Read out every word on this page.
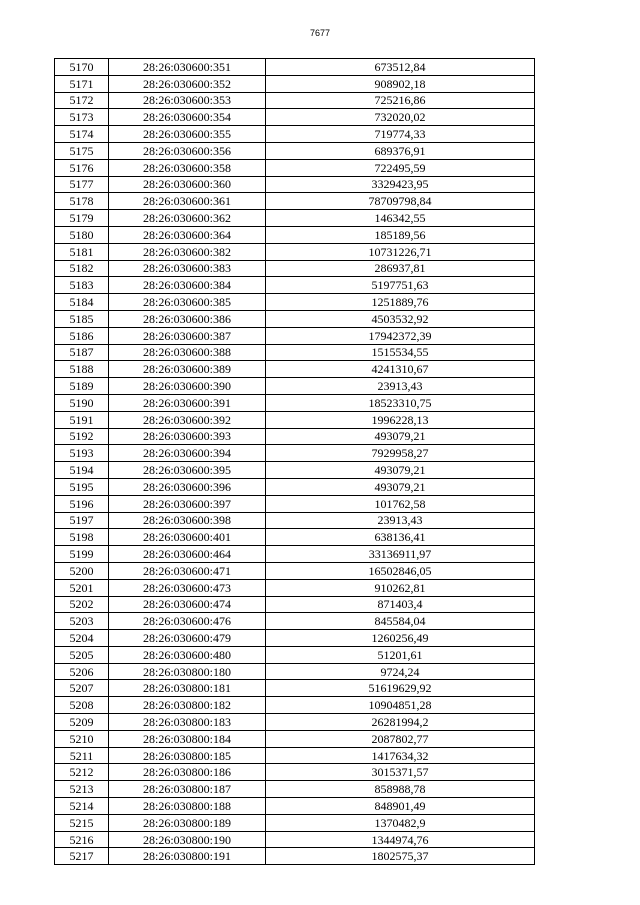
7677
5170	28:26:030600:351	673512,84
5171	28:26:030600:352	908902,18
5172	28:26:030600:353	725216,86
5173	28:26:030600:354	732020,02
5174	28:26:030600:355	719774,33
5175	28:26:030600:356	689376,91
5176	28:26:030600:358	722495,59
5177	28:26:030600:360	3329423,95
5178	28:26:030600:361	78709798,84
5179	28:26:030600:362	146342,55
5180	28:26:030600:364	185189,56
5181	28:26:030600:382	10731226,71
5182	28:26:030600:383	286937,81
5183	28:26:030600:384	5197751,63
5184	28:26:030600:385	1251889,76
5185	28:26:030600:386	4503532,92
5186	28:26:030600:387	17942372,39
5187	28:26:030600:388	1515534,55
5188	28:26:030600:389	4241310,67
5189	28:26:030600:390	23913,43
5190	28:26:030600:391	18523310,75
5191	28:26:030600:392	1996228,13
5192	28:26:030600:393	493079,21
5193	28:26:030600:394	7929958,27
5194	28:26:030600:395	493079,21
5195	28:26:030600:396	493079,21
5196	28:26:030600:397	101762,58
5197	28:26:030600:398	23913,43
5198	28:26:030600:401	638136,41
5199	28:26:030600:464	33136911,97
5200	28:26:030600:471	16502846,05
5201	28:26:030600:473	910262,81
5202	28:26:030600:474	871403,4
5203	28:26:030600:476	845584,04
5204	28:26:030600:479	1260256,49
5205	28:26:030600:480	51201,61
5206	28:26:030800:180	9724,24
5207	28:26:030800:181	51619629,92
5208	28:26:030800:182	10904851,28
5209	28:26:030800:183	26281994,2
5210	28:26:030800:184	2087802,77
5211	28:26:030800:185	1417634,32
5212	28:26:030800:186	3015371,57
5213	28:26:030800:187	858988,78
5214	28:26:030800:188	848901,49
5215	28:26:030800:189	1370482,9
5216	28:26:030800:190	1344974,76
5217	28:26:030800:191	1802575,37
